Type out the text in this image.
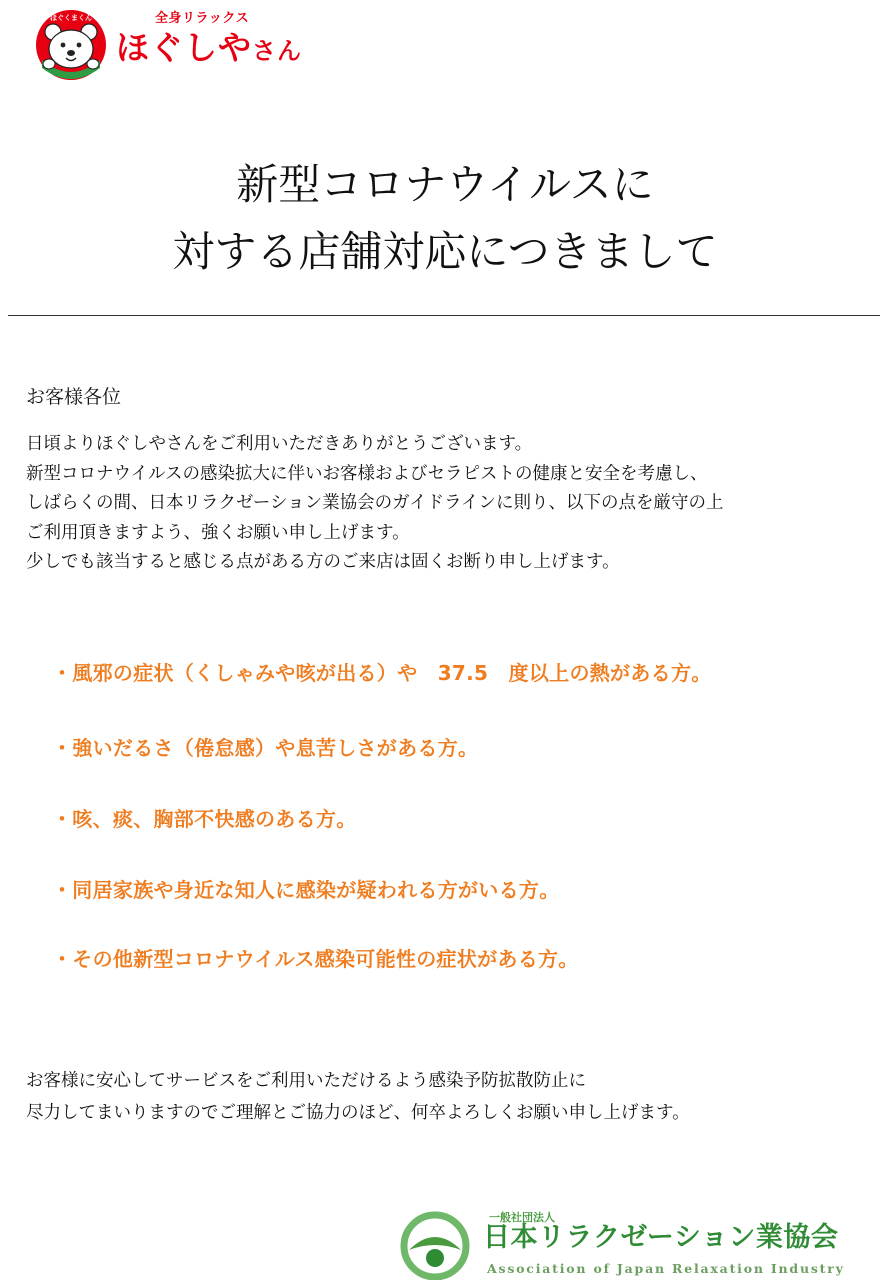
ほぐくまくん	全身リラックス
ほぐしやさん
新型コロナウイルスに
対する店舗対応につきまして
お客様各位

日頃よりほぐしやさんをご利用いただきありがとうございます。

新型コロナウイルスの感染拡大に伴いお客様およびセラピストの健康と安全を考慮し、

しばらくの間、日本リラクゼーション業協会のガイドラインに則り、以下の点を厳守の上

ご利用頂きますよう、強くお願い申し上げます。

少しでも該当すると感じる点がある方のご来店は固くお断り申し上げます。

・風邪の症状（くしゃみや咳が出る）や　37.5　度以上の熱がある方。

・強いだるさ（倦怠感）や息苦しさがある方。

・咳、痰、胸部不快感のある方。

・同居家族や身近な知人に感染が疑われる方がいる方。

・その他新型コロナウイルス感染可能性の症状がある方。

お客様に安心してサービスをご利用いただけるよう感染予防拡散防止に

尽力してまいりますのでご理解とご協力のほど、何卒よろしくお願い申し上げます。

一般社団法人
日本リラクゼーション業協会
Association of Japan Relaxation Industry
